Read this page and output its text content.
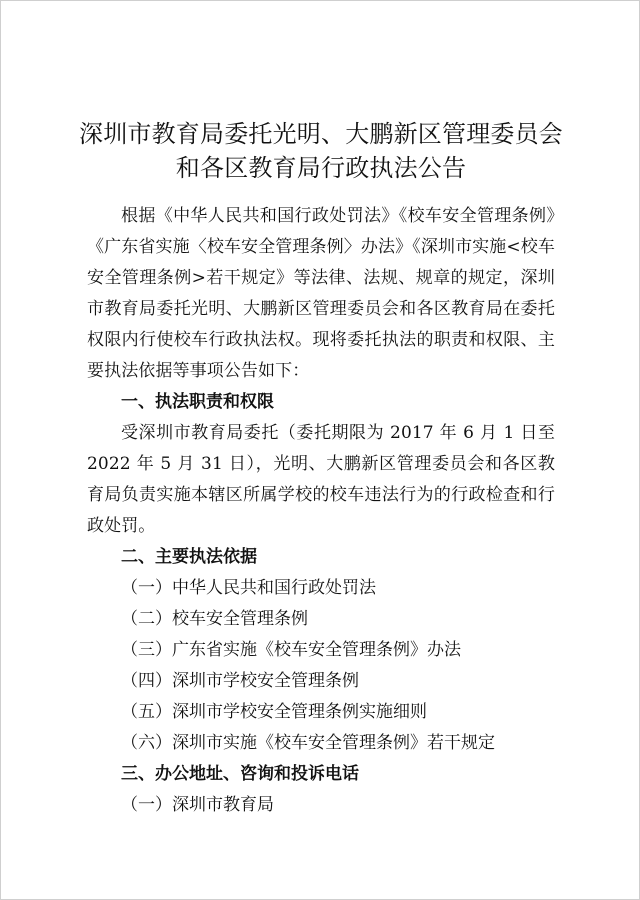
深圳市教育局委托光明、大鹏新区管理委员会
和各区教育局行政执法公告

根据《中华人民共和国行政处罚法》《校车安全管理条例》《广东省实施〈校车安全管理条例〉办法》《深圳市实施<校车安全管理条例>若干规定》等法律、法规、规章的规定，深圳市教育局委托光明、大鹏新区管理委员会和各区教育局在委托权限内行使校车行政执法权。现将委托执法的职责和权限、主要执法依据等事项公告如下：

一、执法职责和权限

受深圳市教育局委托（委托期限为 2017 年 6 月 1 日至 2022 年 5 月 31 日），光明、大鹏新区管理委员会和各区教育局负责实施本辖区所属学校的校车违法行为的行政检查和行政处罚。

二、主要执法依据

（一）中华人民共和国行政处罚法

（二）校车安全管理条例

（三）广东省实施《校车安全管理条例》办法

（四）深圳市学校安全管理条例

（五）深圳市学校安全管理条例实施细则

（六）深圳市实施《校车安全管理条例》若干规定

三、办公地址、咨询和投诉电话

（一）深圳市教育局
